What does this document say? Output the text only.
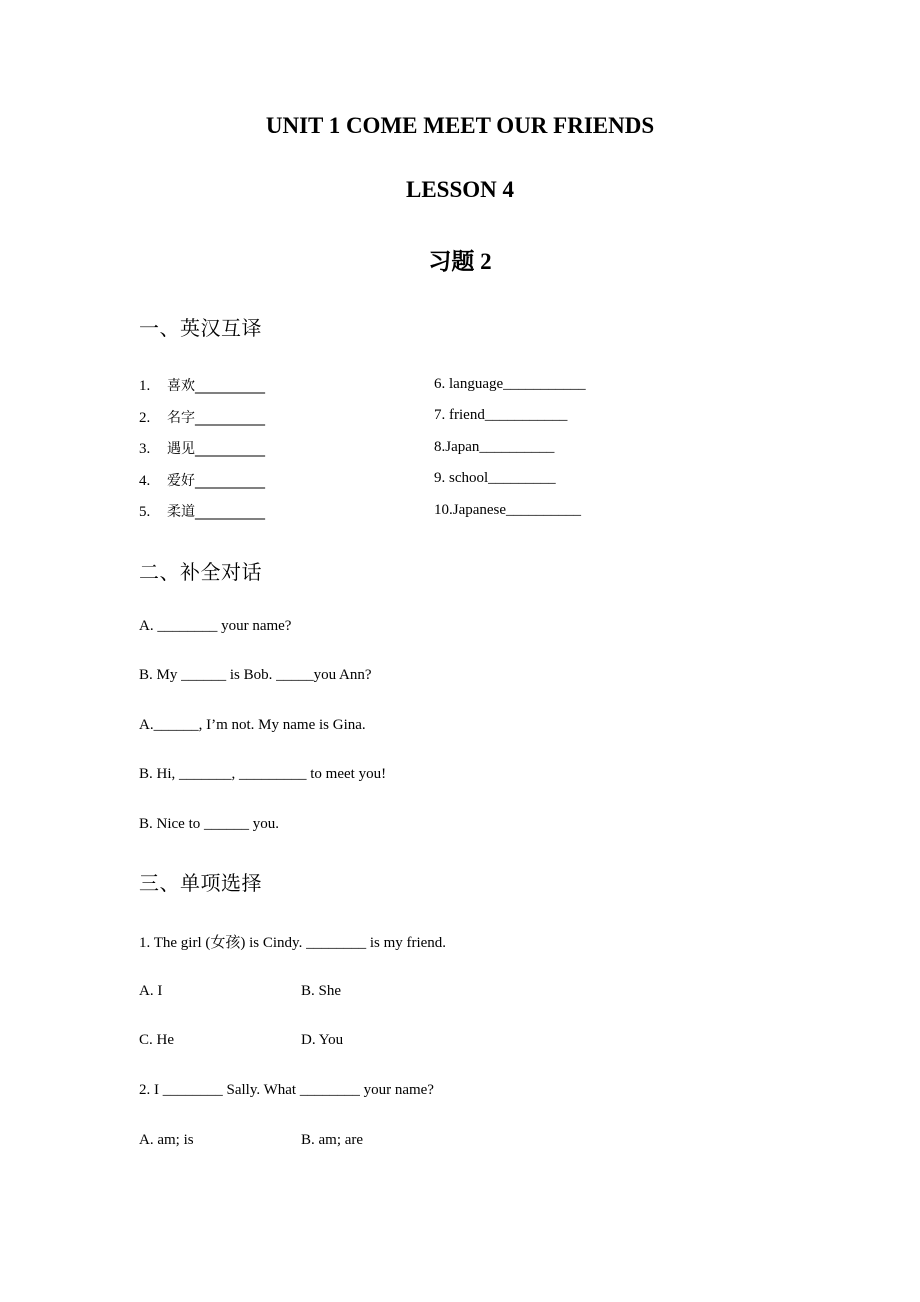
UNIT 1 COME MEET OUR FRIENDS
LESSON 4
习题 2
一、英汉互译
1. 喜欢__________
2. 名字__________
3. 遇见__________
4. 爱好__________
5. 柔道__________
6. language___________
7. friend___________
8.Japan__________
9. school_________
10.Japanese__________
二、补全对话
A. ________ your name?
B. My ______ is Bob. _____you Ann?
A.______, I’m not. My name is Gina.
B. Hi, _______, _________ to meet you!
B. Nice to ______ you.
三、单项选择
1. The girl (女孩) is Cindy. ________ is my friend.
A. I	B. She
C. He	D. You
2. I ________ Sally. What ________ your name?
A. am; is	B. am; are
